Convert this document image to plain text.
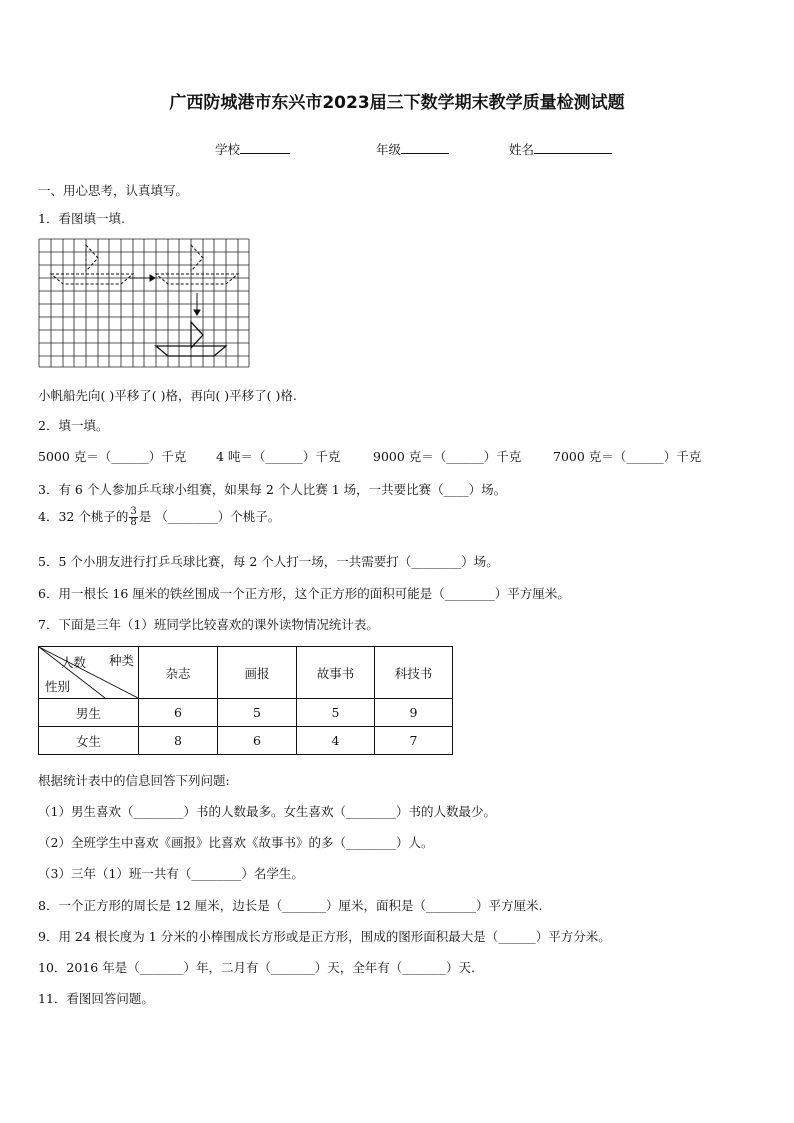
广西防城港市东兴市2023届三下数学期末教学质量检测试题
学校	年级	姓名
一、用心思考，认真填写。
1．看图填一填.
小帆船先向( )平移了( )格，再向( )平移了( )格.
2．填一填。
5000 克＝（______）千克 4 吨＝（______）千克	9000 克＝（______）千克	7000 克＝（______）千克
3．有 6 个人参加乒乓球小组赛，如果每 2 个人比赛 1 场，一共要比赛（____）场。
4．32 个桃子的 $\frac{3}{8}$ 是 （________）个桃子。
5．5 个小朋友进行打乒乓球比赛，每 2 个人打一场，一共需要打（________）场。
6．用一根长 16 厘米的铁丝围成一个正方形，这个正方形的面积可能是（________）平方厘米。
7．下面是三年（1）班同学比较喜欢的课外读物情况统计表。
人数 种类
性别	杂志	画报	故事书	科技书
男生	6	5	5	9
女生	8	6	4	7
根据统计表中的信息回答下列问题:
（1）男生喜欢（________）书的人数最多。女生喜欢（________）书的人数最少。
（2）全班学生中喜欢《画报》比喜欢《故事书》的多（________）人。
（3）三年（1）班一共有（________）名学生。
8．一个正方形的周长是 12 厘米，边长是（_______）厘米，面积是（________）平方厘米.
9．用 24 根长度为 1 分米的小棒围成长方形或是正方形，围成的图形面积最大是（______）平方分米。
10．2016 年是（_______）年，二月有（_______）天，全年有（_______）天.
11．看图回答问题。
